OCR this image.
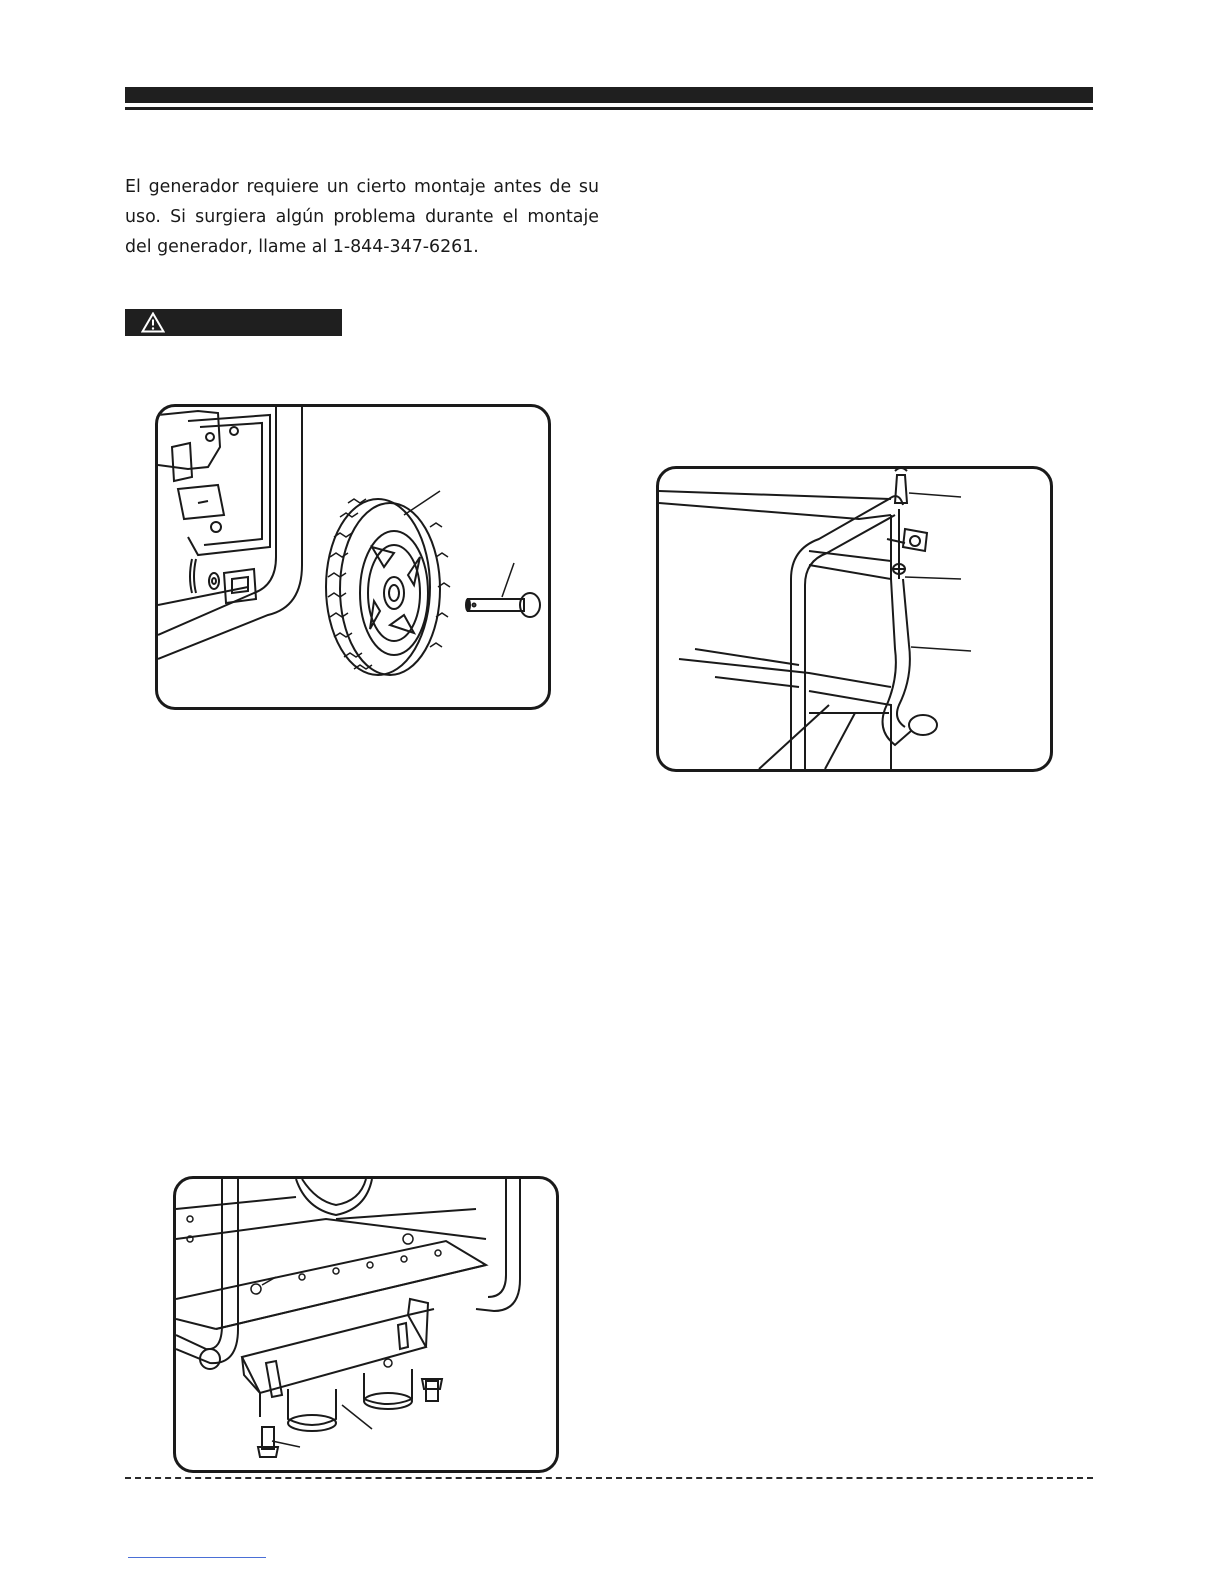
El generador requiere un cierto montaje antes de su uso. Si surgiera algún problema durante el montaje del generador, llame al 1-844-347-6261.
